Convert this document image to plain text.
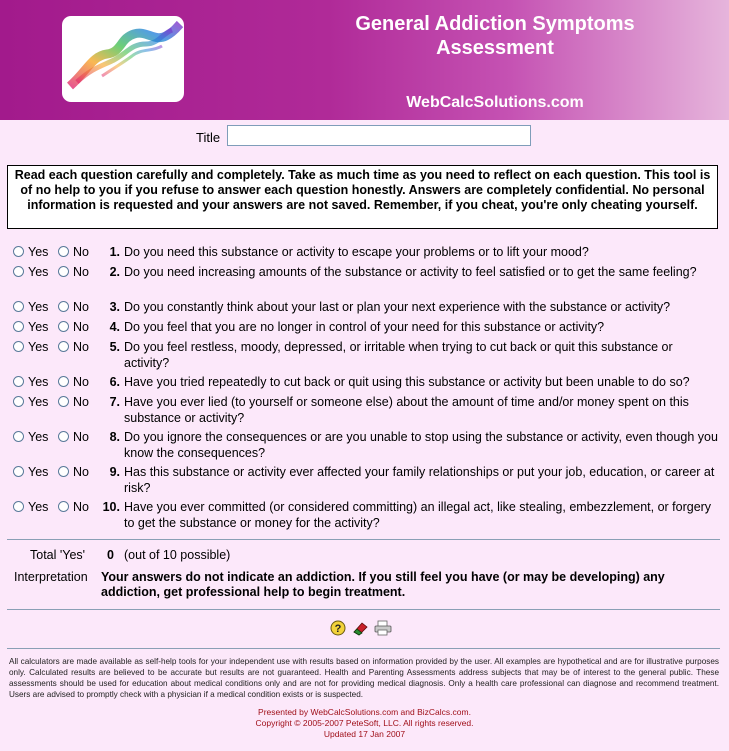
General Addiction Symptoms Assessment
WebCalcSolutions.com
Title
Read each question carefully and completely. Take as much time as you need to reflect on each question. This tool is of no help to you if you refuse to answer each question honestly. Answers are completely confidential. No personal information is requested and your answers are not saved. Remember, if you cheat, you're only cheating yourself.
Yes No	1. Do you need this substance or activity to escape your problems or to lift your mood?
Yes No	2. Do you need increasing amounts of the substance or activity to feel satisfied or to get the same feeling?
Yes No	3. Do you constantly think about your last or plan your next experience with the substance or activity?
Yes No	4. Do you feel that you are no longer in control of your need for this substance or activity?
Yes No	5. Do you feel restless, moody, depressed, or irritable when trying to cut back or quit this substance or activity?
Yes No	6. Have you tried repeatedly to cut back or quit using this substance or activity but been unable to do so?
Yes No	7. Have you ever lied (to yourself or someone else) about the amount of time and/or money spent on this substance or activity?
Yes No	8. Do you ignore the consequences or are you unable to stop using the substance or activity, even though you know the consequences?
Yes No	9. Has this substance or activity ever affected your family relationships or put your job, education, or career at risk?
Yes No 10. Have you ever committed (or considered committing) an illegal act, like stealing, embezzlement, or forgery to get the substance or money for the activity?
Total 'Yes' 0 (out of 10 possible)
Interpretation Your answers do not indicate an addiction. If you still feel you have (or may be developing) any addiction, get professional help to begin treatment.
?
All calculators are made available as self-help tools for your independent use with results based on information provided by the user. All examples are hypothetical and are for illustrative purposes only. Calculated results are believed to be accurate but results are not guaranteed. Health and Parenting Assessments address subjects that may be of interest to the general public. These assessments should be used for education about medical conditions only and are not for providing medical diagnosis. Only a health care professional can diagnose and recommend treatment. Users are advised to promptly check with a physician if a medical condition exists or is suspected.
Presented by WebCalcSolutions.com and BizCalcs.com.
Copyright © 2005-2007 PeteSoft, LLC. All rights reserved.
Updated 17 Jan 2007
